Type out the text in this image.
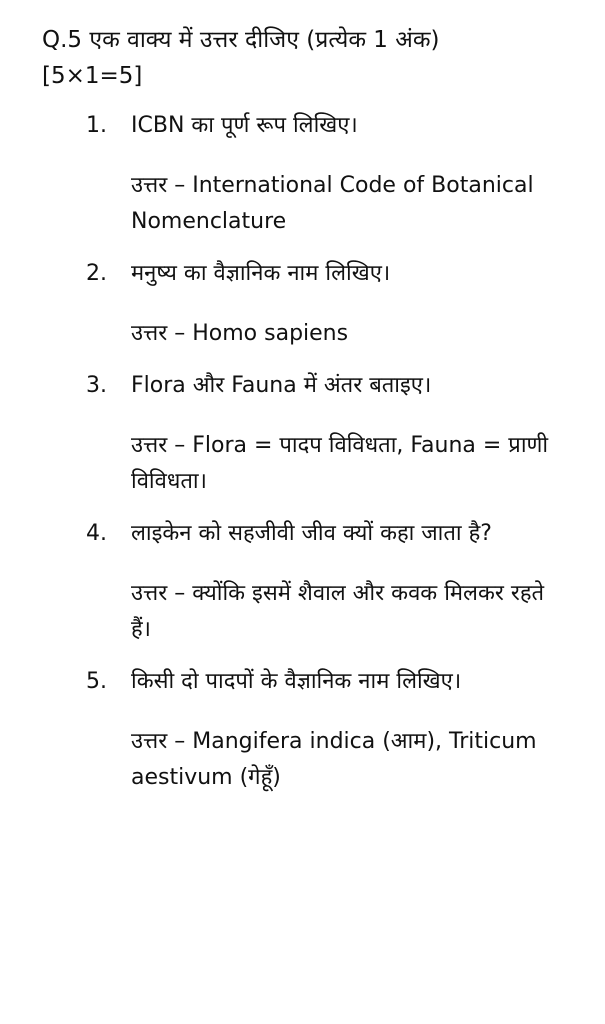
Q.5 एक वाक्य में उत्तर दीजिए (प्रत्येक 1 अंक)
[5×1=5]
1. ICBN का पूर्ण रूप लिखिए।

उत्तर – International Code of Botanical Nomenclature

2. मनुष्य का वैज्ञानिक नाम लिखिए।

उत्तर – Homo sapiens

3. Flora और Fauna में अंतर बताइए।

उत्तर – Flora = पादप विविधता, Fauna = प्राणी विविधता।

4. लाइकेन को सहजीवी जीव क्यों कहा जाता है?

उत्तर – क्योंकि इसमें शैवाल और कवक मिलकर रहते हैं।

5. किसी दो पादपों के वैज्ञानिक नाम लिखिए।

उत्तर – Mangifera indica (आम), Triticum aestivum (गेहूँ)
